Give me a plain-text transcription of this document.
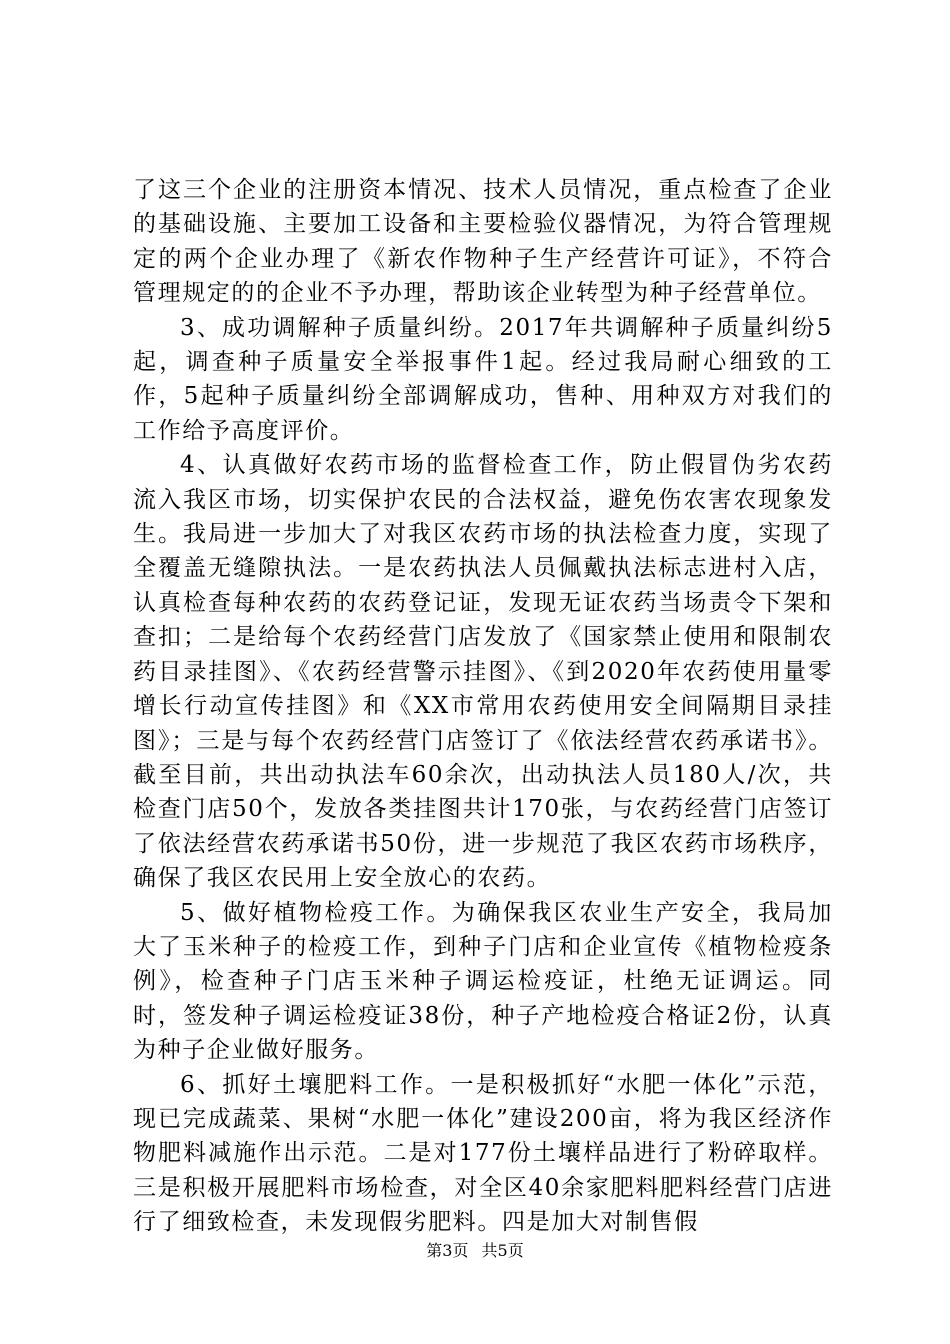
了这三个企业的注册资本情况、技术人员情况，重点检查了企业的基础设施、主要加工设备和主要检验仪器情况，为符合管理规定的两个企业办理了《新农作物种子生产经营许可证》，不符合管理规定的的企业不予办理，帮助该企业转型为种子经营单位。

3、成功调解种子质量纠纷。2017年共调解种子质量纠纷5起，调查种子质量安全举报事件1起。经过我局耐心细致的工作，5起种子质量纠纷全部调解成功，售种、用种双方对我们的工作给予高度评价。

4、认真做好农药市场的监督检查工作，防止假冒伪劣农药流入我区市场，切实保护农民的合法权益，避免伤农害农现象发生。我局进一步加大了对我区农药市场的执法检查力度，实现了全覆盖无缝隙执法。一是农药执法人员佩戴执法标志进村入店，认真检查每种农药的农药登记证，发现无证农药当场责令下架和查扣；二是给每个农药经营门店发放了《国家禁止使用和限制农药目录挂图》、《农药经营警示挂图》、《到2020年农药使用量零增长行动宣传挂图》和《XX市常用农药使用安全间隔期目录挂图》；三是与每个农药经营门店签订了《依法经营农药承诺书》。截至目前，共出动执法车60余次，出动执法人员180人/次，共检查门店50个，发放各类挂图共计170张，与农药经营门店签订了依法经营农药承诺书50份，进一步规范了我区农药市场秩序，确保了我区农民用上安全放心的农药。

5、做好植物检疫工作。为确保我区农业生产安全，我局加大了玉米种子的检疫工作，到种子门店和企业宣传《植物检疫条例》，检查种子门店玉米种子调运检疫证，杜绝无证调运。同时，签发种子调运检疫证38份，种子产地检疫合格证2份，认真为种子企业做好服务。

6、抓好土壤肥料工作。一是积极抓好“水肥一体化”示范，现已完成蔬菜、果树“水肥一体化”建设200亩，将为我区经济作物肥料减施作出示范。二是对177份土壤样品进行了粉碎取样。三是积极开展肥料市场检查，对全区40余家肥料肥料经营门店进行了细致检查，未发现假劣肥料。四是加大对制售假

第3页 共5页
